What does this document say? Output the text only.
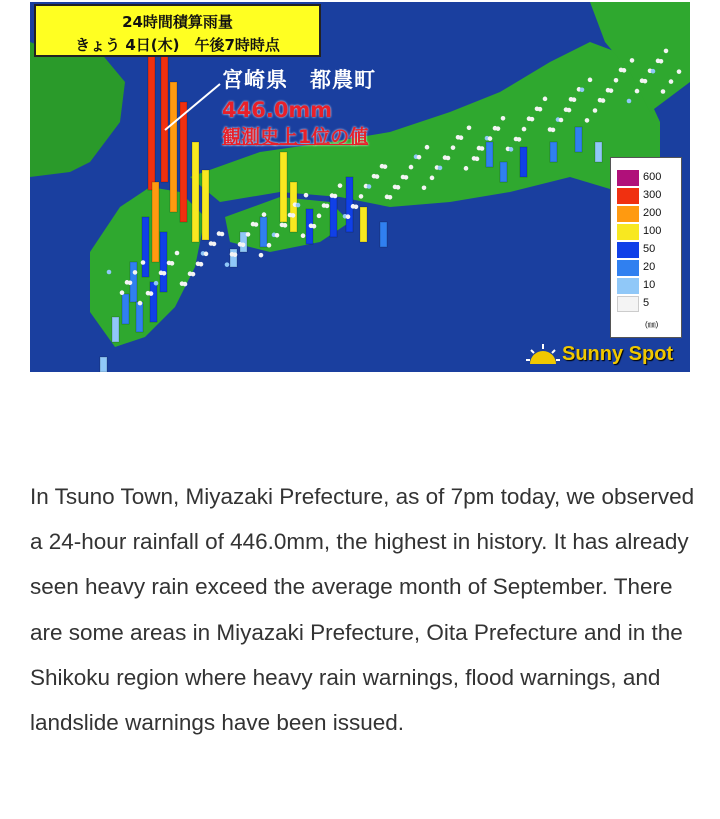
24時間積算雨量
きょう 4日(木)　午後7時時点
宮崎県　都農町
446.0mm
観測史上1位の値
600
300
200
100
50
20
10
5
(㎜)
Sunny Spot
In Tsuno Town, Miyazaki Prefecture, as of 7pm today, we observed a 24-hour rainfall of 446.0mm, the highest in history. It has already seen heavy rain exceed the average month of September. There are some areas in Miyazaki Prefecture, Oita Prefecture and in the Shikoku region where heavy rain warnings, flood warnings, and landslide warnings have been issued.
